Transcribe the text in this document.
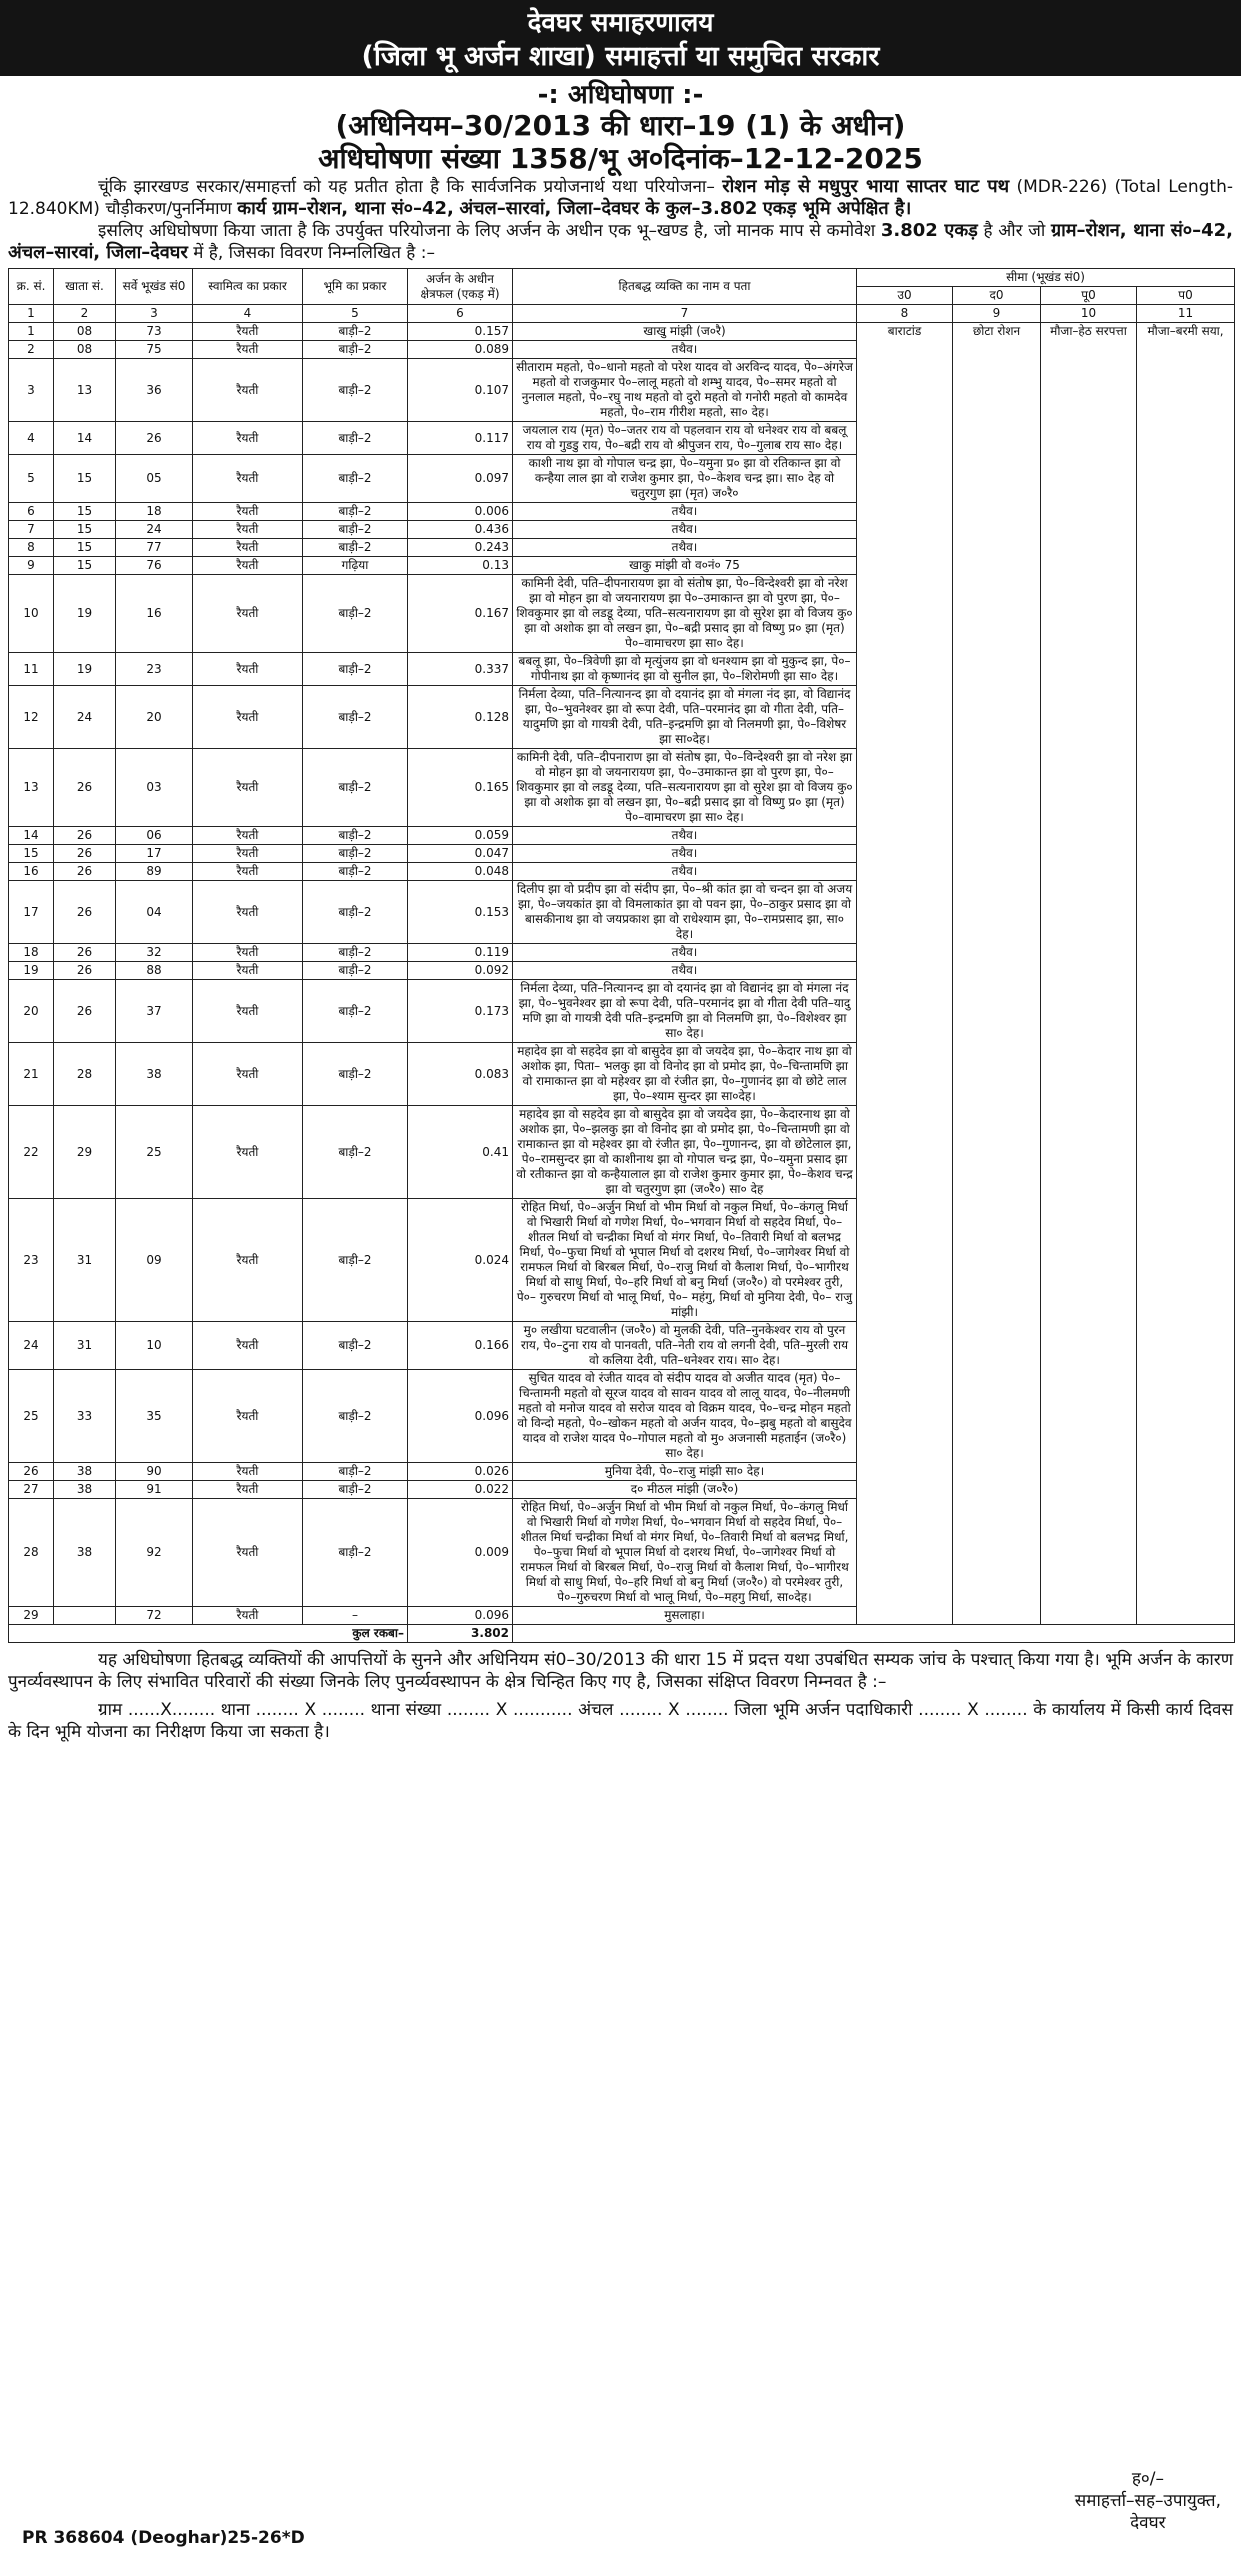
देवघर समाहरणालय
(जिला भू अर्जन शाखा) समाहर्त्ता या समुचित सरकार
-: अधिघोषणा :-
(अधिनियम–30/2013 की धारा–19 (1) के अधीन)
अधिघोषणा संख्या 1358/भू अ०दिनांक–12-12-2025
चूंकि झारखण्ड सरकार/समाहर्त्ता को यह प्रतीत होता है कि सार्वजनिक प्रयोजनार्थ यथा परियोजना– रोशन मोड़ से मधुपुर भाया साप्तर घाट पथ (MDR-226) (Total Length-12.840KM) चौड़ीकरण/पुनर्निमाण कार्य ग्राम–रोशन, थाना सं०–42, अंचल–सारवां, जिला–देवघर के कुल–3.802 एकड़ भूमि अपेक्षित है।
इसलिए अधिघोषणा किया जाता है कि उपर्युक्त परियोजना के लिए अर्जन के अधीन एक भू–खण्ड है, जो मानक माप से कमोवेश 3.802 एकड़ है और जो ग्राम–रोशन, थाना सं०–42, अंचल–सारवां, जिला–देवघर में है, जिसका विवरण निम्नलिखित है :–
क्र. सं.	खाता सं.	सर्वे भूखंड सं0	स्वामित्व का प्रकार	भूमि का प्रकार	अर्जन के अधीन क्षेत्रफल (एकड़ में)	हितबद्ध व्यक्ति का नाम व पता	सीमा (भूखंड सं0)			
							उ0	द0	पू0	प0
1	2	3	4	5	6	7	8	9	10	11
1	08	73	रैयती	बाड़ी–2	0.157	खाखु मांझी (ज०रै)	बाराटांड	छोटा रोशन	मौजा–हेठ सरपत्ता	मौजा–बरमी सया,
2	08	75	रैयती	बाड़ी–2	0.089	तथैव।				
3	13	36	रैयती	बाड़ी–2	0.107	सीताराम महतो, पे०–धानो महतो वो परेश यादव वो अरविन्द यादव, पे०–अंगरेज महतो वो राजकुमार पे०–लालू महतो वो शम्भु यादव, पे०–समर महतो वो नुनलाल महतो, पे०–रघु नाथ महतो वो दुरो महतो वो गनोरी महतो वो कामदेव महतो, पे०–राम गीरीश महतो, सा० देह।				
4	14	26	रैयती	बाड़ी–2	0.117	जयलाल राय (मृत) पे०–जतर राय वो पहलवान राय वो धनेश्वर राय वो बबलू राय वो गुडडु राय, पे०–बद्री राय वो श्रीपुजन राय, पे०–गुलाब राय सा० देह।				
5	15	05	रैयती	बाड़ी–2	0.097	काशी नाथ झा वो गोपाल चन्द्र झा, पे०–यमुना प्र० झा वो रतिकान्त झा वो कन्हैया लाल झा वो राजेश कुमार झा, पे०–केशव चन्द्र झा। सा० देह वो चतुरगुण झा (मृत) ज०रै०				
6	15	18	रैयती	बाड़ी–2	0.006	तथैव।				
7	15	24	रैयती	बाड़ी–2	0.436	तथैव।				
8	15	77	रैयती	बाड़ी–2	0.243	तथैव।				
9	15	76	रैयती	गढ़िया	0.13	खाकु मांझी वो व०नं० 75				
10	19	16	रैयती	बाड़ी–2	0.167	कामिनी देवी, पति–दीपनारायण झा वो संतोष झा, पे०–विन्देश्वरी झा वो नरेश झा वो मोहन झा वो जयनारायण झा पे०–उमाकान्त झा वो पुरण झा, पे०–शिवकुमार झा वो लडडू देव्या, पति–सत्यनारायण झा वो सुरेश झा वो विजय कु० झा वो अशोक झा वो लखन झा, पे०–बद्री प्रसाद झा वो विष्णु प्र० झा (मृत) पे०–वामाचरण झा सा० देह।				
11	19	23	रैयती	बाड़ी–2	0.337	बबलू झा, पे०–त्रिवेणी झा वो मृत्युंजय झा वो धनश्याम झा वो मुकुन्द झा, पे०–गोपीनाथ झा वो कृष्णानंद झा वो सुनील झा, पे०–शिरोमणी झा सा० देह।				
12	24	20	रैयती	बाड़ी–2	0.128	निर्मला देव्या, पति–नित्यानन्द झा वो दयानंद झा वो मंगला नंद झा, वो विद्यानंद झा, पे०–भुवनेश्वर झा वो रूपा देवी, पति–परमानंद झा वो गीता देवी, पति–यादुमणि झा वो गायत्री देवी, पति–इन्द्रमणि झा वो निलमणी झा, पे०–विशेषर झा सा०देह।				
13	26	03	रैयती	बाड़ी–2	0.165	कामिनी देवी, पति–दीपनाराण झा वो संतोष झा, पे०–विन्देश्वरी झा वो नरेश झा वो मोहन झा वो जयनारायण झा, पे०–उमाकान्त झा वो पुरण झा, पे०–शिवकुमार झा वो लडडू देव्या, पति–सत्यनारायण झा वो सुरेश झा वो विजय कु० झा वो अशोक झा वो लखन झा, पे०–बद्री प्रसाद झा वो विष्णु प्र० झा (मृत) पे०–वामाचरण झा सा० देह।				
14	26	06	रैयती	बाड़ी–2	0.059	तथैव।				
15	26	17	रैयती	बाड़ी–2	0.047	तथैव।				
16	26	89	रैयती	बाड़ी–2	0.048	तथैव।				
17	26	04	रैयती	बाड़ी–2	0.153	दिलीप झा वो प्रदीप झा वो संदीप झा, पे०–श्री कांत झा वो चन्दन झा वो अजय झा, पे०–जयकांत झा वो विमलाकांत झा वो पवन झा, पे०–ठाकुर प्रसाद झा वो बासकीनाथ झा वो जयप्रकाश झा वो राधेश्याम झा, पे०–रामप्रसाद झा, सा० देह।				
18	26	32	रैयती	बाड़ी–2	0.119	तथैव।				
19	26	88	रैयती	बाड़ी–2	0.092	तथैव।				
20	26	37	रैयती	बाड़ी–2	0.173	निर्मला देव्या, पति–नित्यानन्द झा वो दयानंद झा वो विद्यानंद झा वो मंगला नंद झा, पे०–भुवनेश्वर झा वो रूपा देवी, पति–परमानंद झा वो गीता देवी पति–यादु मणि झा वो गायत्री देवी पति–इन्द्रमणि झा वो निलमणि झा, पे०–विशेश्वर झा सा० देह।				
21	28	38	रैयती	बाड़ी–2	0.083	महादेव झा वो सहदेव झा वो बासुदेव झा वो जयदेव झा, पे०–केदार नाथ झा वो अशोक झा, पिता– भलकु झा वो विनोद झा वो प्रमोद झा, पे०–चिन्तामणि झा वो रामाकान्त झा वो महेश्वर झा वो रंजीत झा, पे०–गुणानंद झा वो छोटे लाल झा, पे०–श्याम सुन्दर झा सा०देह।				
22	29	25	रैयती	बाड़ी–2	0.41	महादेव झा वो सहदेव झा वो बासुदेव झा वो जयदेव झा, पे०–केदारनाथ झा वो अशोक झा, पे०–झलकु झा वो विनोद झा वो प्रमोद झा, पे०–चिन्तामणी झा वो रामाकान्त झा वो महेश्वर झा वो रंजीत झा, पे०–गुणानन्द, झा वो छोटेलाल झा, पे०–रामसुन्दर झा वो काशीनाथ झा वो गोपाल चन्द्र झा, पे०–यमुना प्रसाद झा वो रतीकान्त झा वो कन्हैयालाल झा वो राजेश कुमार कुमार झा, पे०–केशव चन्द्र झा वो चतुरगुण झा (ज०रै०) सा० देह				
23	31	09	रैयती	बाड़ी–2	0.024	रोहित मिर्धा, पे०–अर्जुन मिर्धा वो भीम मिर्धा वो नकुल मिर्धा, पे०–कंगलु मिर्धा वो भिखारी मिर्धा वो गणेश मिर्धा, पे०–भगवान मिर्धा वो सहदेव मिर्धा, पे०–शीतल मिर्धा वो चन्द्रीका मिर्धा वो मंगर मिर्धा, पे०–तिवारी मिर्धा वो बलभद्र मिर्धा, पे०–फुचा मिर्धा वो भूपाल मिर्धा वो दशरथ मिर्धा, पे०–जागेश्वर मिर्धा वो रामफल मिर्धा वो बिरबल मिर्धा, पे०–राजु मिर्धा वो कैलाश मिर्धा, पे०–भागीरथ मिर्धा वो साधु मिर्धा, पे०–हरि मिर्धा वो बनु मिर्धा (ज०रै०) वो परमेश्वर तुरी, पे०– गुरुचरण मिर्धा वो भालू मिर्धा, पे०– महंगु, मिर्धा वो मुनिया देवी, पे०– राजु मांझी।				
24	31	10	रैयती	बाड़ी–2	0.166	मु० लखीया घटवालीन (ज०रै०) वो मुलकी देवी, पति–नुनकेश्वर राय वो पुरन राय, पे०–टुना राय वो पानवती, पति–नेती राय वो लगनी देवी, पति–मुरली राय वो कलिया देवी, पति–धनेश्वर राय। सा० देह।				
25	33	35	रैयती	बाड़ी–2	0.096	सुचित यादव वो रंजीत यादव वो संदीप यादव वो अजीत यादव (मृत) पे०–चिन्तामनी महतो वो सूरज यादव वो सावन यादव वो लालू यादव, पे०–नीलमणी महतो वो मनोज यादव वो सरोज यादव वो विक्रम यादव, पे०–चन्द्र मोहन महतो वो विन्दो महतो, पे०–खोकन महतो वो अर्जन यादव, पे०–झबु महतो वो बासुदेव यादव वो राजेश यादव पे०–गोपाल महतो वो मु० अजनासी महताईन (ज०रै०) सा० देह।				
26	38	90	रैयती	बाड़ी–2	0.026	मुनिया देवी, पे०–राजु मांझी सा० देह।				
27	38	91	रैयती	बाड़ी–2	0.022	द० मीठल मांझी (ज०रै०)				
28	38	92	रैयती	बाड़ी–2	0.009	रोहित मिर्धा, पे०–अर्जुन मिर्धा वो भीम मिर्धा वो नकुल मिर्धा, पे०–कंगलु मिर्धा वो भिखारी मिर्धा वो गणेश मिर्धा, पे०–भगवान मिर्धा वो सहदेव मिर्धा, पे०–शीतल मिर्धा चन्द्रीका मिर्धा वो मंगर मिर्धा, पे०–तिवारी मिर्धा वो बलभद्र मिर्धा, पे०–फुचा मिर्धा वो भूपाल मिर्धा वो दशरथ मिर्धा, पे०–जागेश्वर मिर्धा वो रामफल मिर्धा वो बिरबल मिर्धा, पे०–राजु मिर्धा वो कैलाश मिर्धा, पे०–भागीरथ मिर्धा वो साधु मिर्धा, पे०–हरि मिर्धा वो बनु मिर्धा (ज०रै०) वो परमेश्वर तुरी, पे०–गुरुचरण मिर्धा वो भालू मिर्धा, पे०–महगु मिर्धा, सा०देह।				
29		72	रैयती	–	0.096	मुसलाहा।				
कुल रकबा–					3.802					
यह अधिघोषणा हितबद्ध व्यक्तियों की आपत्तियों के सुनने और अधिनियम सं0–30/2013 की धारा 15 में प्रदत्त यथा उपबंधित सम्यक जांच के पश्चात् किया गया है। भूमि अर्जन के कारण पुनर्व्यवस्थापन के लिए संभावित परिवारों की संख्या जिनके लिए पुनर्व्यवस्थापन के क्षेत्र चिन्हित किए गए है, जिसका संक्षिप्त विवरण निम्नवत है :–
ग्राम ......X........ थाना ........ X ........ थाना संख्या ........ X ........... अंचल ........ X ........ जिला भूमि अर्जन पदाधिकारी ........ X ........ के कार्यालय में किसी कार्य दिवस के दिन भूमि योजना का निरीक्षण किया जा सकता है।
ह०/–
समाहर्त्ता–सह–उपायुक्त,
देवघर
PR 368604 (Deoghar)25-26*D
